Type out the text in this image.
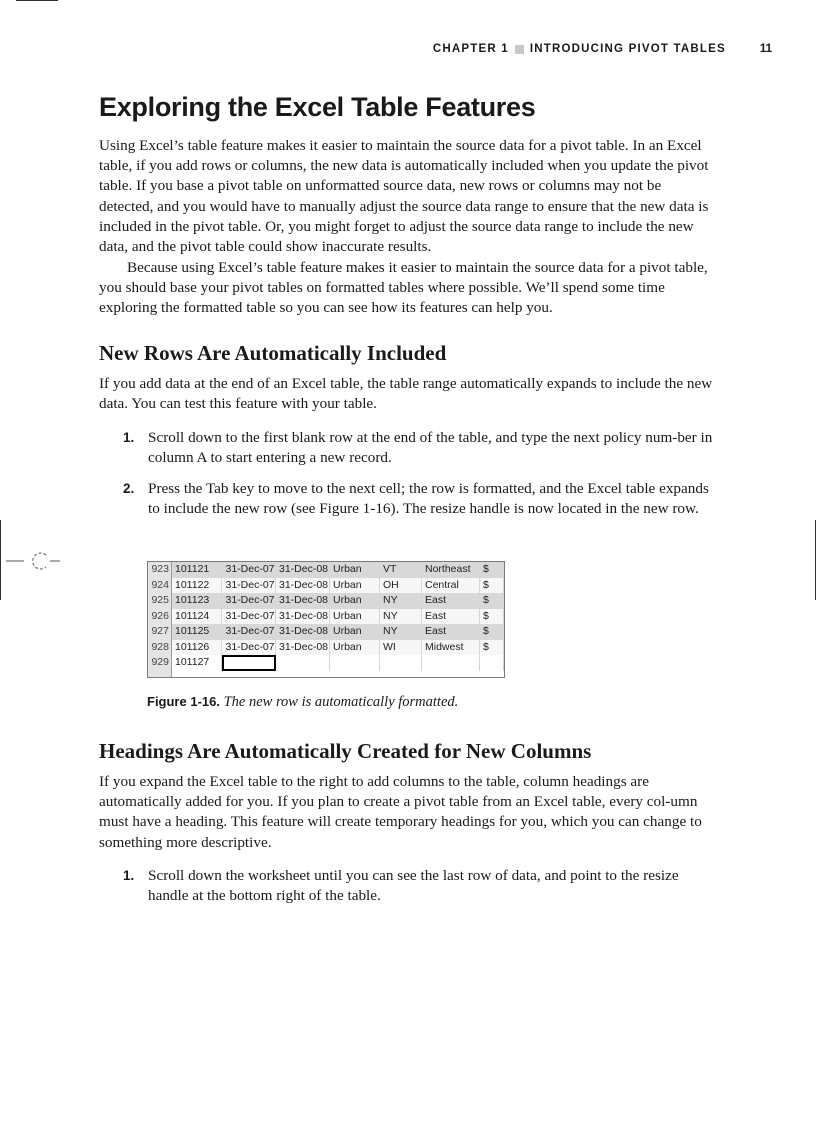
CHAPTER 1 INTRODUCING PIVOT TABLES	11
Exploring the Excel Table Features

Using Excel’s table feature makes it easier to maintain the source data for a pivot table. In an Excel table, if you add rows or columns, the new data is automatically included when you update the pivot table. If you base a pivot table on unformatted source data, new rows or columns may not be detected, and you would have to manually adjust the source data range to ensure that the new data is included in the pivot table. Or, you might forget to adjust the source data range to include the new data, and the pivot table could show inaccurate results.

Because using Excel’s table feature makes it easier to maintain the source data for a pivot table, you should base your pivot tables on formatted tables where possible. We’ll spend some time exploring the formatted table so you can see how its features can help you.

New Rows Are Automatically Included

If you add data at the end of an Excel table, the table range automatically expands to include the new data. You can test this feature with your table.

1. Scroll down to the first blank row at the end of the table, and type the next policy num-ber in column A to start entering a new record.
2. Press the Tab key to move to the next cell; the row is formatted, and the Excel table expands to include the new row (see Figure 1-16). The resize handle is now located in the new row.
923 101121	31-Dec-07 31-Dec-08 Urban	VT	Northeast	$
924 101122	31-Dec-07 31-Dec-08 Urban	OH	Central	$
925 101123	31-Dec-07 31-Dec-08 Urban	NY	East	$
926 101124	31-Dec-07 31-Dec-08 Urban	NY	East	$
927 101125	31-Dec-07 31-Dec-08 Urban	NY	East	$
928 101126	31-Dec-07 31-Dec-08 Urban	WI	Midwest	$
929 101127
Figure 1-16. The new row is automatically formatted.
Headings Are Automatically Created for New Columns

If you expand the Excel table to the right to add columns to the table, column headings are automatically added for you. If you plan to create a pivot table from an Excel table, every col-umn must have a heading. This feature will create temporary headings for you, which you can change to something more descriptive.

1. Scroll down the worksheet until you can see the last row of data, and point to the resize handle at the bottom right of the table.
